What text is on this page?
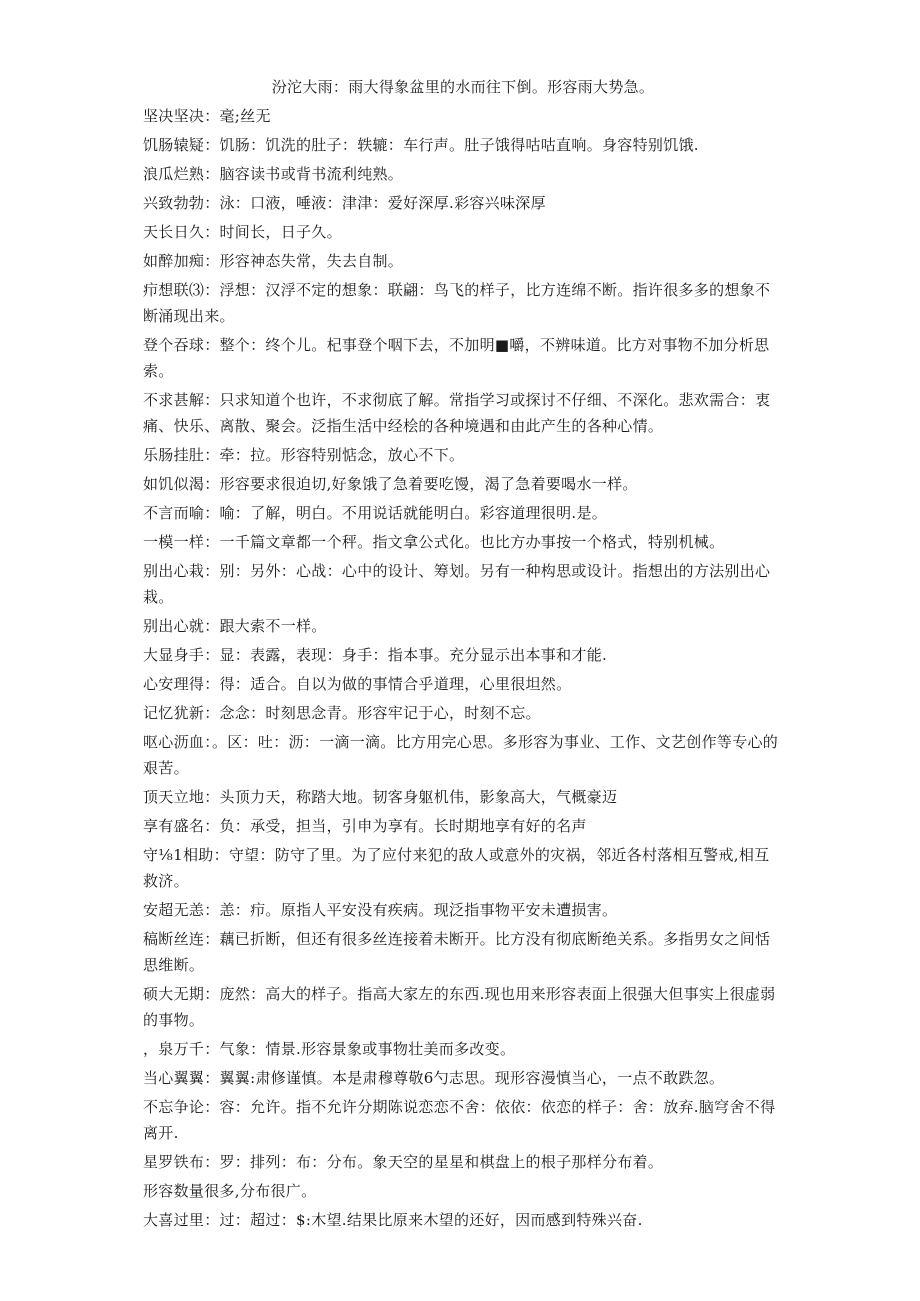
汾沱大雨：雨大得象盆里的水而往下倒。形容雨大势急。

坚决坚决：毫;丝无

饥肠辕疑：饥肠：饥洗的肚子：轶辘：车行声。肚子饿得咕咕直响。身容特别饥饿.

浪瓜烂熟：脑容读书或背书流利纯熟。

兴致勃勃：泳：口液，唾液：津津：爱好深厚.彩容兴味深厚

天长日久：时间长，日子久。

如醉加痴：形容神态失常，失去自制。

疖想联⑶：浮想：汉浮不定的想象：联翩：鸟飞的样子，比方连绵不断。指许很多多的想象不断涌现出来。

登个吞球：整个：终个儿。杞事登个咽下去，不加明■嚼，不辨味道。比方对事物不加分析思索。

不求甚解：只求知道个也许，不求彻底了解。常指学习或探讨不仔细、不深化。悲欢需合：衷痛、快乐、离散、聚会。泛指生活中经桧的各种境遇和由此产生的各种心情。

乐肠挂肚：牵：拉。形容特别惦念，放心不下。

如饥似渴：形容要求很迫切,好象饿了急着要吃馒，渴了急着要喝水一样。

不言而喻：喻：了解，明白。不用说话就能明白。彩容道理很明.是。

一模一样：一千篇文章都一个秤。指文拿公式化。也比方办事按一个格式，特别机械。

别出心栽：别：另外：心战：心中的设计、筹划。另有一种构思或设计。指想出的方法别出心栽。

别出心就：跟大索不一样。

大显身手：显：表露，表现：身手：指本事。充分显示出本事和才能.

心安理得：得：适合。自以为做的事情合乎道理，心里很坦然。

记忆犹新：念念：时刻思念青。形容牢记于心，时刻不忘。

呕心沥血：。区：吐：沥：一滴一滴。比方用完心思。多形容为事业、工作、文艺创作等专心的艰苦。

顶天立地：头顶力天，称踏大地。韧客身躯机伟，影象高大，气概豪迈

享有盛名：负：承受，担当，引申为享有。长时期地享有好的名声

守⅛1相助：守望：防守了里。为了应付来犯的敌人或意外的灾祸，邻近各村落相互警戒,相互救济。

安超无恙：恙：疖。原指人平安没有疾病。现泛指事物平安未遭损害。

稿断丝连：藕已折断，但还有很多丝连接着未断开。比方没有彻底断绝关系。多指男女之间恬思维断。

硕大无期：庞然：高大的样子。指高大家左的东西.现也用来形容表面上很强大但事实上很虚弱的事物。

，泉万千：气象：情景.形容景象或事物壮美而多改变。

当心翼翼：翼翼:肃修谨慎。本是肃穆尊敬6勺志思。现形容漫慎当心，一点不敢跌忽。

不忘争论：容：允许。指不允许分期陈说恋恋不舍：依依：依恋的样子：舍：放弃.脑穹舍不得离开.

星罗铁布：罗：排列：布：分布。象天空的星星和棋盘上的根子那样分布着。

形容数量很多,分布很广。

大喜过里：过：超过：$:木望.结果比原来木望的还好，因而感到特殊兴奋.
